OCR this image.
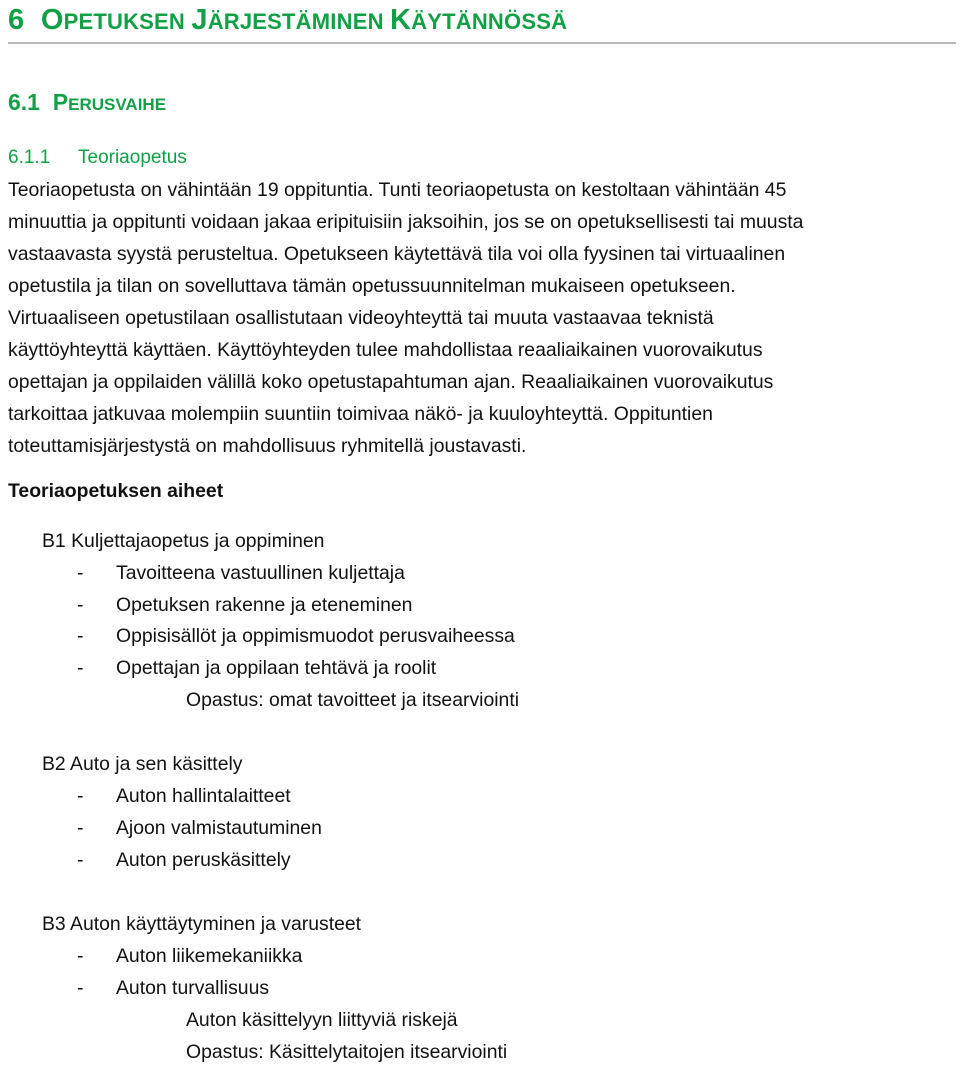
6 OPETUKSEN JÄRJESTÄMINEN KÄYTÄNNÖSSÄ
6.1 PERUSVAIHE
6.1.1 Teoriaopetus
Teoriaopetusta on vähintään 19 oppituntia. Tunti teoriaopetusta on kestoltaan vähintään 45
minuuttia ja oppitunti voidaan jakaa eripituisiin jaksoihin, jos se on opetuksellisesti tai muusta
vastaavasta syystä perusteltua. Opetukseen käytettävä tila voi olla fyysinen tai virtuaalinen
opetustila ja tilan on sovelluttava tämän opetussuunnitelman mukaiseen opetukseen.
Virtuaaliseen opetustilaan osallistutaan videoyhteyttä tai muuta vastaavaa teknistä
käyttöyhteyttä käyttäen. Käyttöyhteyden tulee mahdollistaa reaaliaikainen vuorovaikutus
opettajan ja oppilaiden välillä koko opetustapahtuman ajan. Reaaliaikainen vuorovaikutus
tarkoittaa jatkuvaa molempiin suuntiin toimivaa näkö- ja kuuloyhteyttä. Oppituntien
toteuttamisjärjestystä on mahdollisuus ryhmitellä joustavasti.
Teoriaopetuksen aiheet
B1 Kuljettajaopetus ja oppiminen
- Tavoitteena vastuullinen kuljettaja
- Opetuksen rakenne ja eteneminen
- Oppisisällöt ja oppimismuodot perusvaiheessa
- Opettajan ja oppilaan tehtävä ja roolit
Opastus: omat tavoitteet ja itsearviointi
B2 Auto ja sen käsittely
- Auton hallintalaitteet
- Ajoon valmistautuminen
- Auton peruskäsittely
B3 Auton käyttäytyminen ja varusteet
- Auton liikemekaniikka
- Auton turvallisuus
Auton käsittelyyn liittyviä riskejä
Opastus: Käsittelytaitojen itsearviointi
